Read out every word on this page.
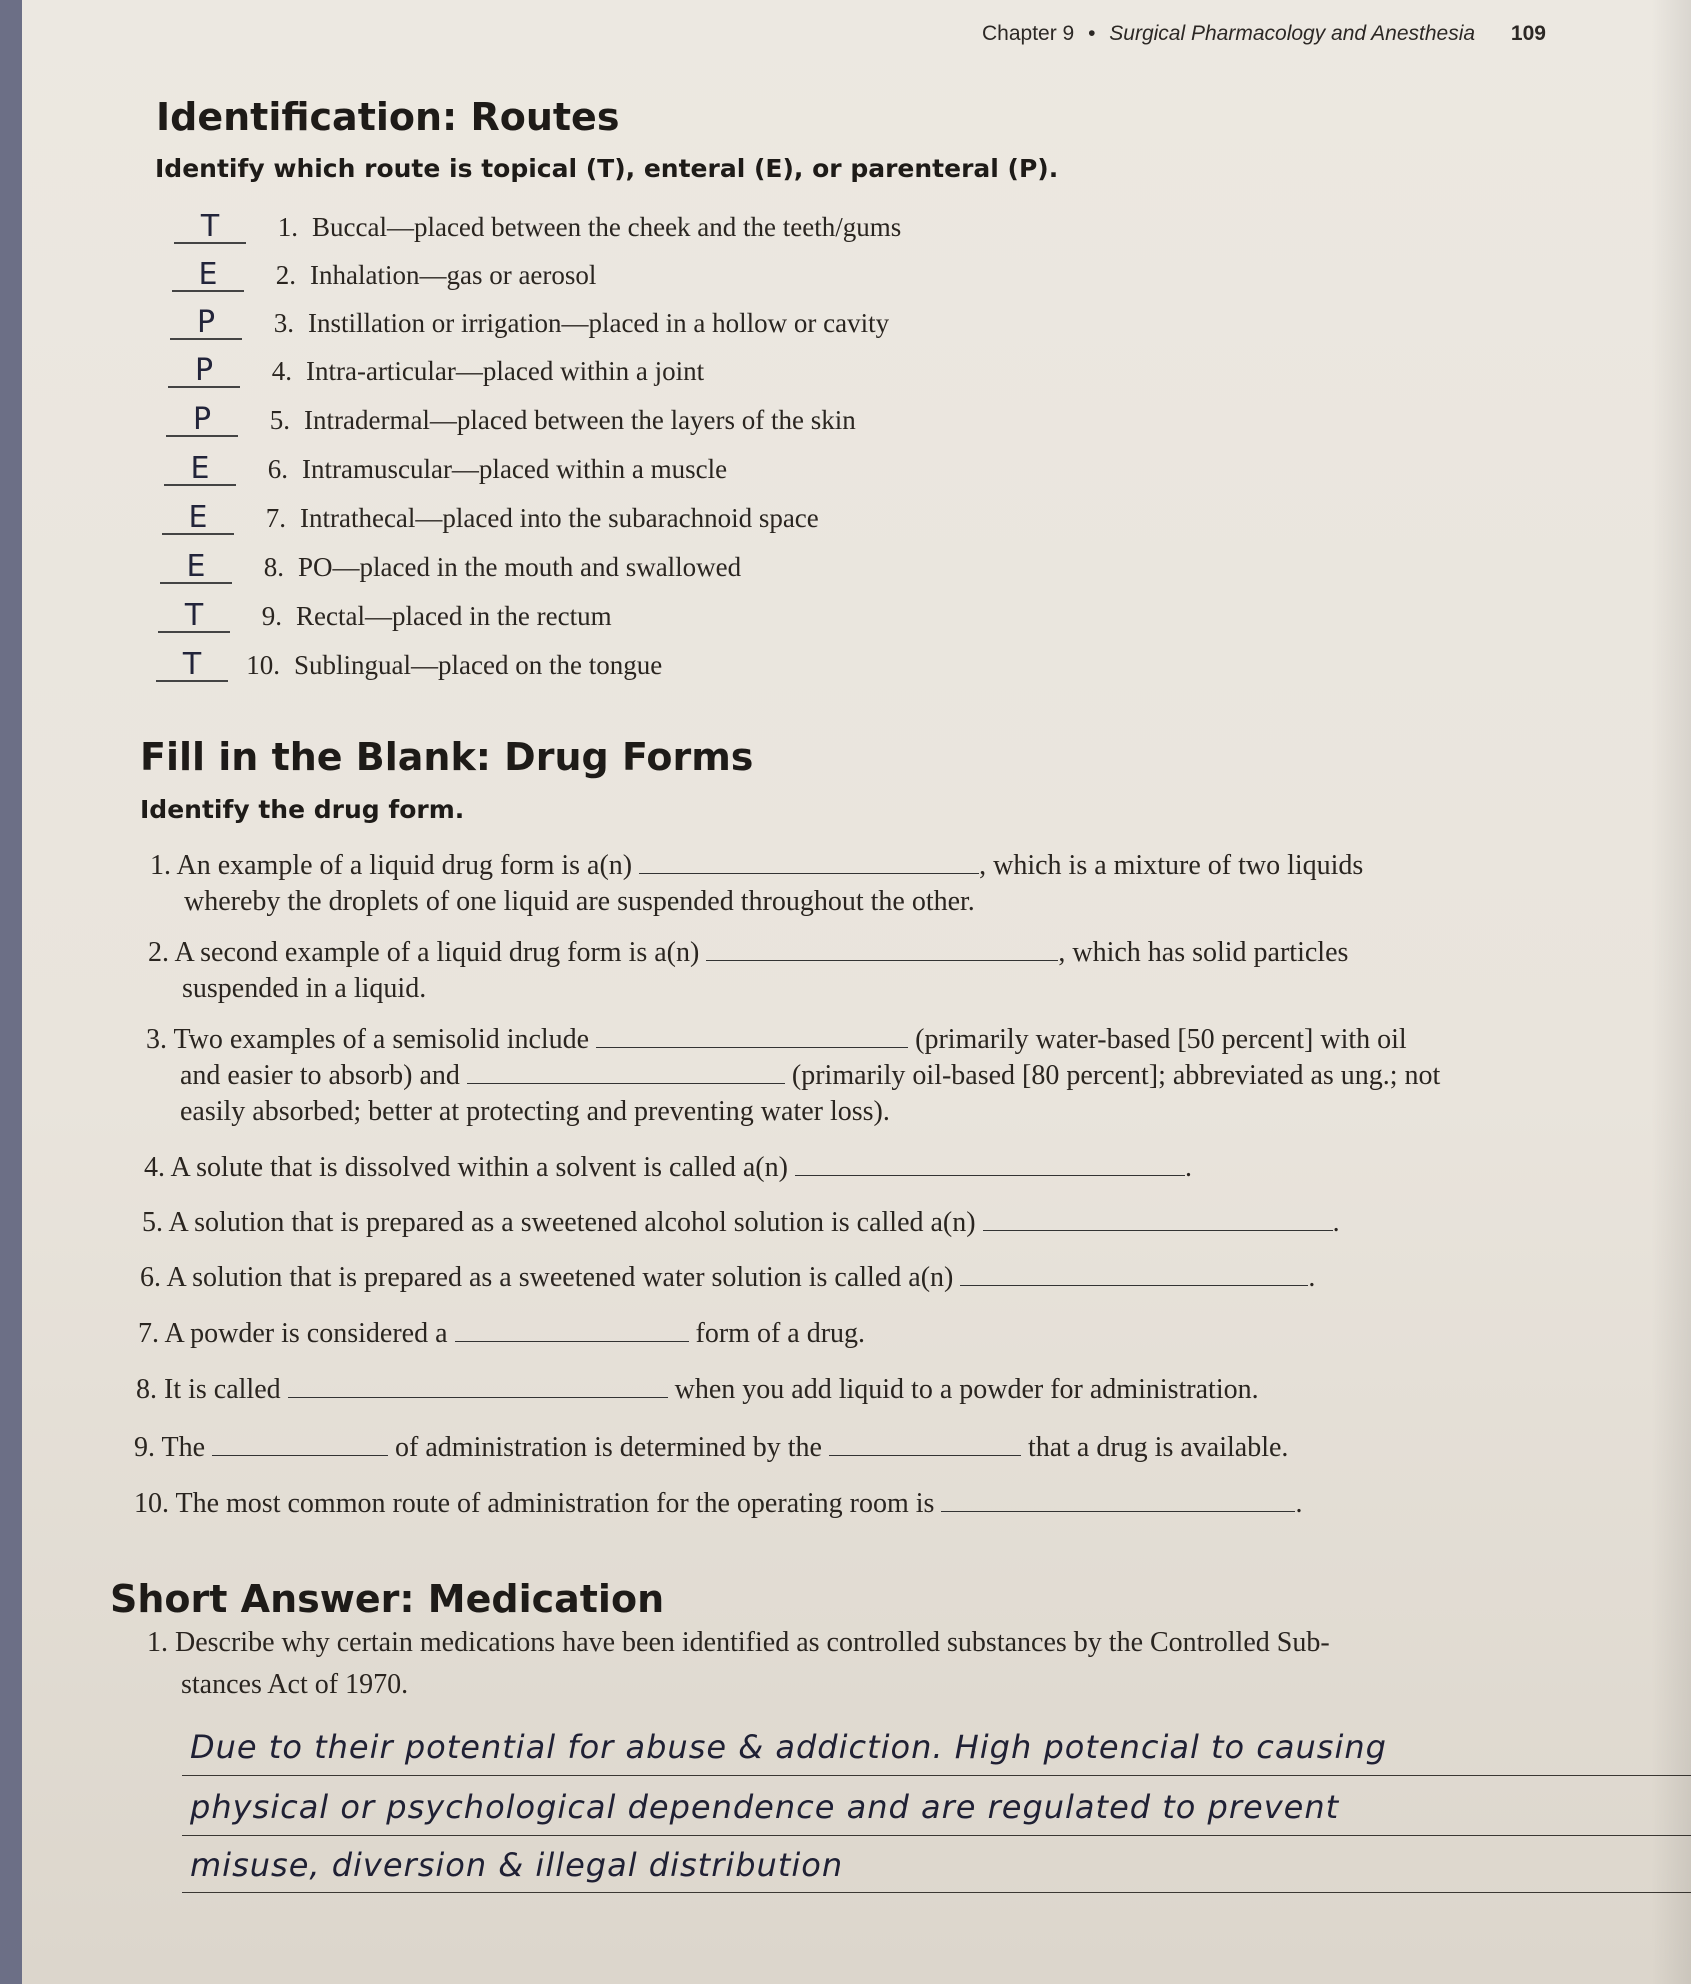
Chapter 9 • Surgical Pharmacology and Anesthesia 109
Identification: Routes
Identify which route is topical (T), enteral (E), or parenteral (P).
T	1. Buccal—placed between the cheek and the teeth/gums
E	2. Inhalation—gas or aerosol
P	3. Instillation or irrigation—placed in a hollow or cavity
P	4. Intra-articular—placed within a joint
P	5. Intradermal—placed between the layers of the skin
E	6. Intramuscular—placed within a muscle
E	7. Intrathecal—placed into the subarachnoid space
E	8. PO—placed in the mouth and swallowed
T	9. Rectal—placed in the rectum
T	10. Sublingual—placed on the tongue
Fill in the Blank: Drug Forms
Identify the drug form.
1. An example of a liquid drug form is a(n)	, which is a mixture of two liquids
whereby the droplets of one liquid are suspended throughout the other.
2. A second example of a liquid drug form is a(n)	, which has solid particles
suspended in a liquid.
3. Two examples of a semisolid include	(primarily water-based [50 percent] with oil
and easier to absorb) and	(primarily oil-based [80 percent]; abbreviated as ung.; not
easily absorbed; better at protecting and preventing water loss).
4. A solute that is dissolved within a solvent is called a(n)	.
5. A solution that is prepared as a sweetened alcohol solution is called a(n)	.
6. A solution that is prepared as a sweetened water solution is called a(n)	.
7. A powder is considered a	form of a drug.
8. It is called	when you add liquid to a powder for administration.
9. The	of administration is determined by the	that a drug is available.
10. The most common route of administration for the operating room is	.
Short Answer: Medication
1. Describe why certain medications have been identified as controlled substances by the Controlled Sub-
stances Act of 1970.
Due to their potential for abuse & addiction. High potencial to causing
physical or psychological dependence and are regulated to prevent
misuse, diversion & illegal distribution
